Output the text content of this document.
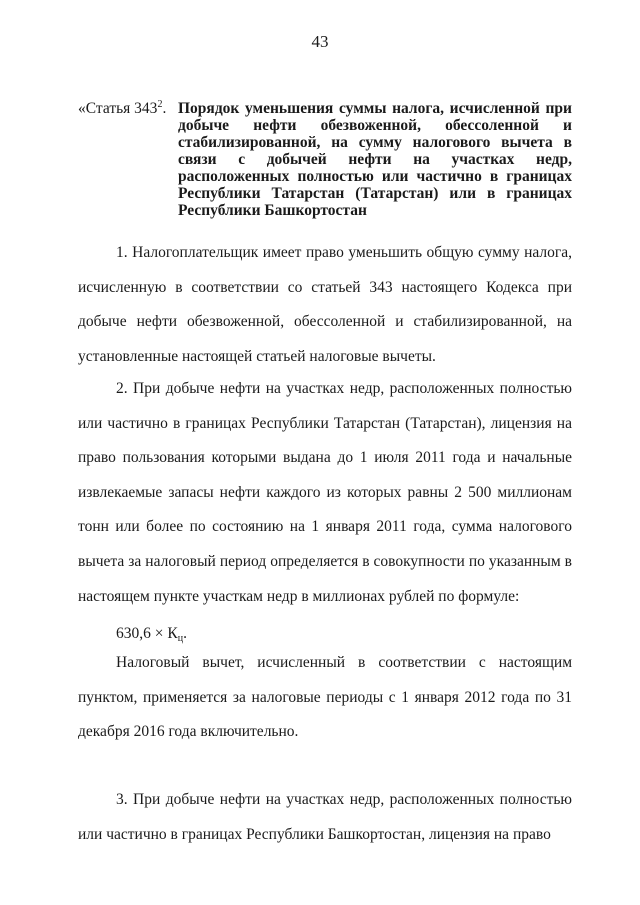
43
«Статья $343^2$. Порядок уменьшения суммы налога, исчисленной при добыче нефти обезвоженной, обессоленной и стабилизированной, на сумму налогового вычета в связи с добычей нефти на участках недр, расположенных полностью или частично в границах Республики Татарстан (Татарстан) или в границах Республики Башкортостан

1. Налогоплательщик имеет право уменьшить общую сумму налога, исчисленную в соответствии со статьей 343 настоящего Кодекса при добыче нефти обезвоженной, обессоленной и стабилизированной, на установленные настоящей статьей налоговые вычеты.

2. При добыче нефти на участках недр, расположенных полностью или частично в границах Республики Татарстан (Татарстан), лицензия на право пользования которыми выдана до 1 июля 2011 года и начальные извлекаемые запасы нефти каждого из которых равны 2 500 миллионам тонн или более по состоянию на 1 января 2011 года, сумма налогового вычета за налоговый период определяется в совокупности по указанным в настоящем пункте участкам недр в миллионах рублей по формуле:

$630,6 \times К_ц$.

Налоговый вычет, исчисленный в соответствии с настоящим пунктом, применяется за налоговые периоды с 1 января 2012 года по 31 декабря 2016 года включительно.

3. При добыче нефти на участках недр, расположенных полностью или частично в границах Республики Башкортостан, лицензия на право
